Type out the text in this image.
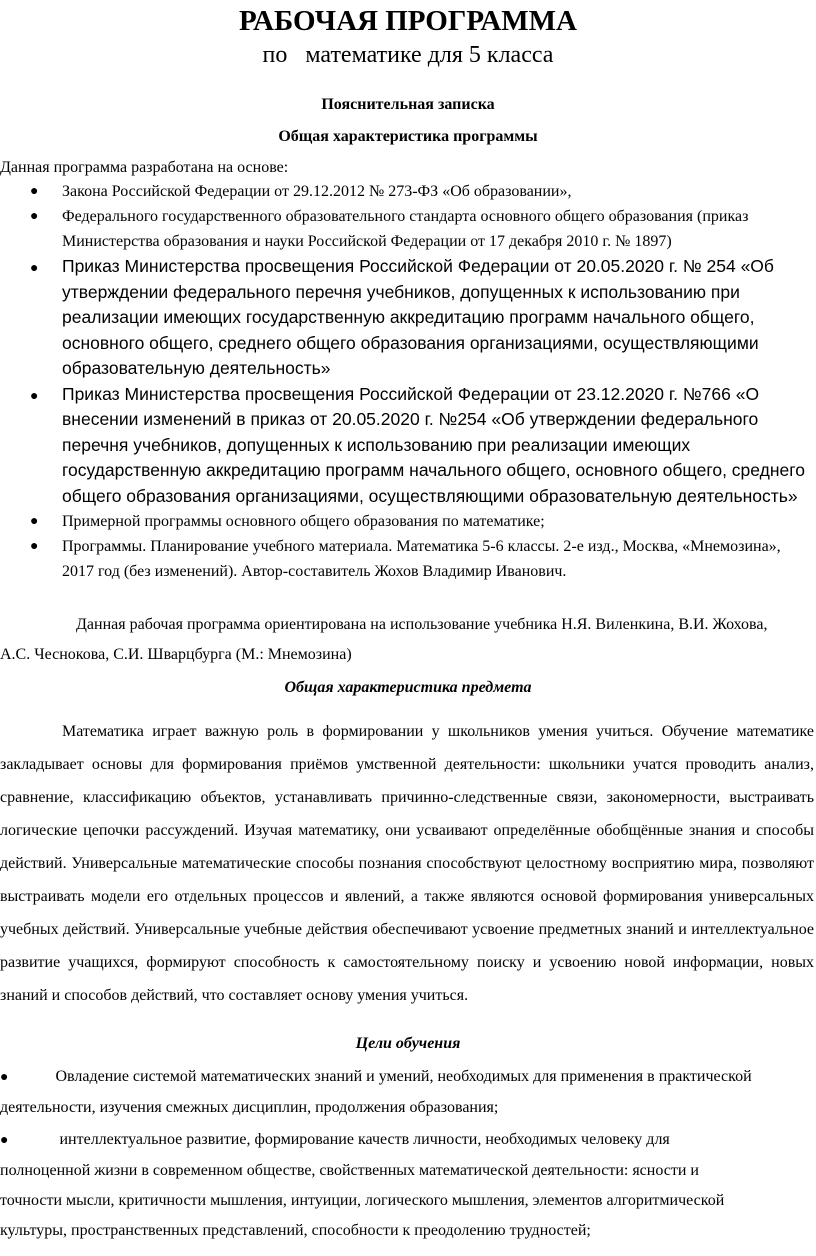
РАБОЧАЯ ПРОГРАММА
по   математике для 5 класса
Пояснительная записка
Общая характеристика программы
Данная программа разработана на основе:
● Закона Российской Федерации от 29.12.2012 № 273-ФЗ «Об образовании»,
● Федерального государственного образовательного стандарта основного общего образования (приказ Министерства образования и науки Российской Федерации от 17 декабря 2010 г. № 1897)
● Приказ Министерства просвещения Российской Федерации от 20.05.2020 г. № 254 «Об утверждении федерального перечня учебников, допущенных к использованию при реализации имеющих государственную аккредитацию программ начального общего, основного общего, среднего общего образования организациями, осуществляющими образовательную деятельность»
● Приказ Министерства просвещения Российской Федерации от 23.12.2020 г. №766 «О внесении изменений в приказ от 20.05.2020 г. №254 «Об утверждении федерального перечня учебников, допущенных к использованию при реализации имеющих государственную аккредитацию программ начального общего, основного общего, среднего общего образования организациями, осуществляющими образовательную деятельность»
● Примерной программы основного общего образования по математике;
● Программы. Планирование учебного материала. Математика 5-6 классы. 2-е изд., Москва, «Мнемозина», 2017 год (без изменений). Автор-составитель Жохов Владимир Иванович.
Данная рабочая программа ориентирована на использование учебника Н.Я. Виленкина, В.И. Жохова, А.С. Чеснокова, С.И. Шварцбурга (М.: Мнемозина)
Общая характеристика предмета
Математика играет важную роль в формировании у школьников умения учиться. Обучение математике закладывает основы для формирования приёмов умственной деятельности: школьники учатся проводить анализ, сравнение, классификацию объектов, устанавливать причинно-следственные связи, закономерности, выстраивать логические цепочки рассуждений. Изучая математику, они усваивают определённые обобщённые знания и способы действий. Универсальные математические способы познания способствуют целостному восприятию мира, позволяют выстраивать модели его отдельных процессов и явлений, а также являются основой формирования универсальных учебных действий. Универсальные учебные действия обеспечивают усвоение предметных знаний и интеллектуальное развитие учащихся, формируют способность к самостоятельному поиску и усвоению новой информации, новых знаний и способов действий, что составляет основу умения учиться.
Цели обучения
●	Овладение системой математических знаний и умений, необходимых для применения в практической деятельности, изучения смежных дисциплин, продолжения образования;
●	интеллектуальное развитие, формирование качеств личности, необходимых человеку для полноценной жизни в современном обществе, свойственных математической деятельности: ясности и точности мысли, критичности мышления, интуиции, логического мышления, элементов алгоритмической культуры, пространственных представлений, способности к преодолению трудностей;
